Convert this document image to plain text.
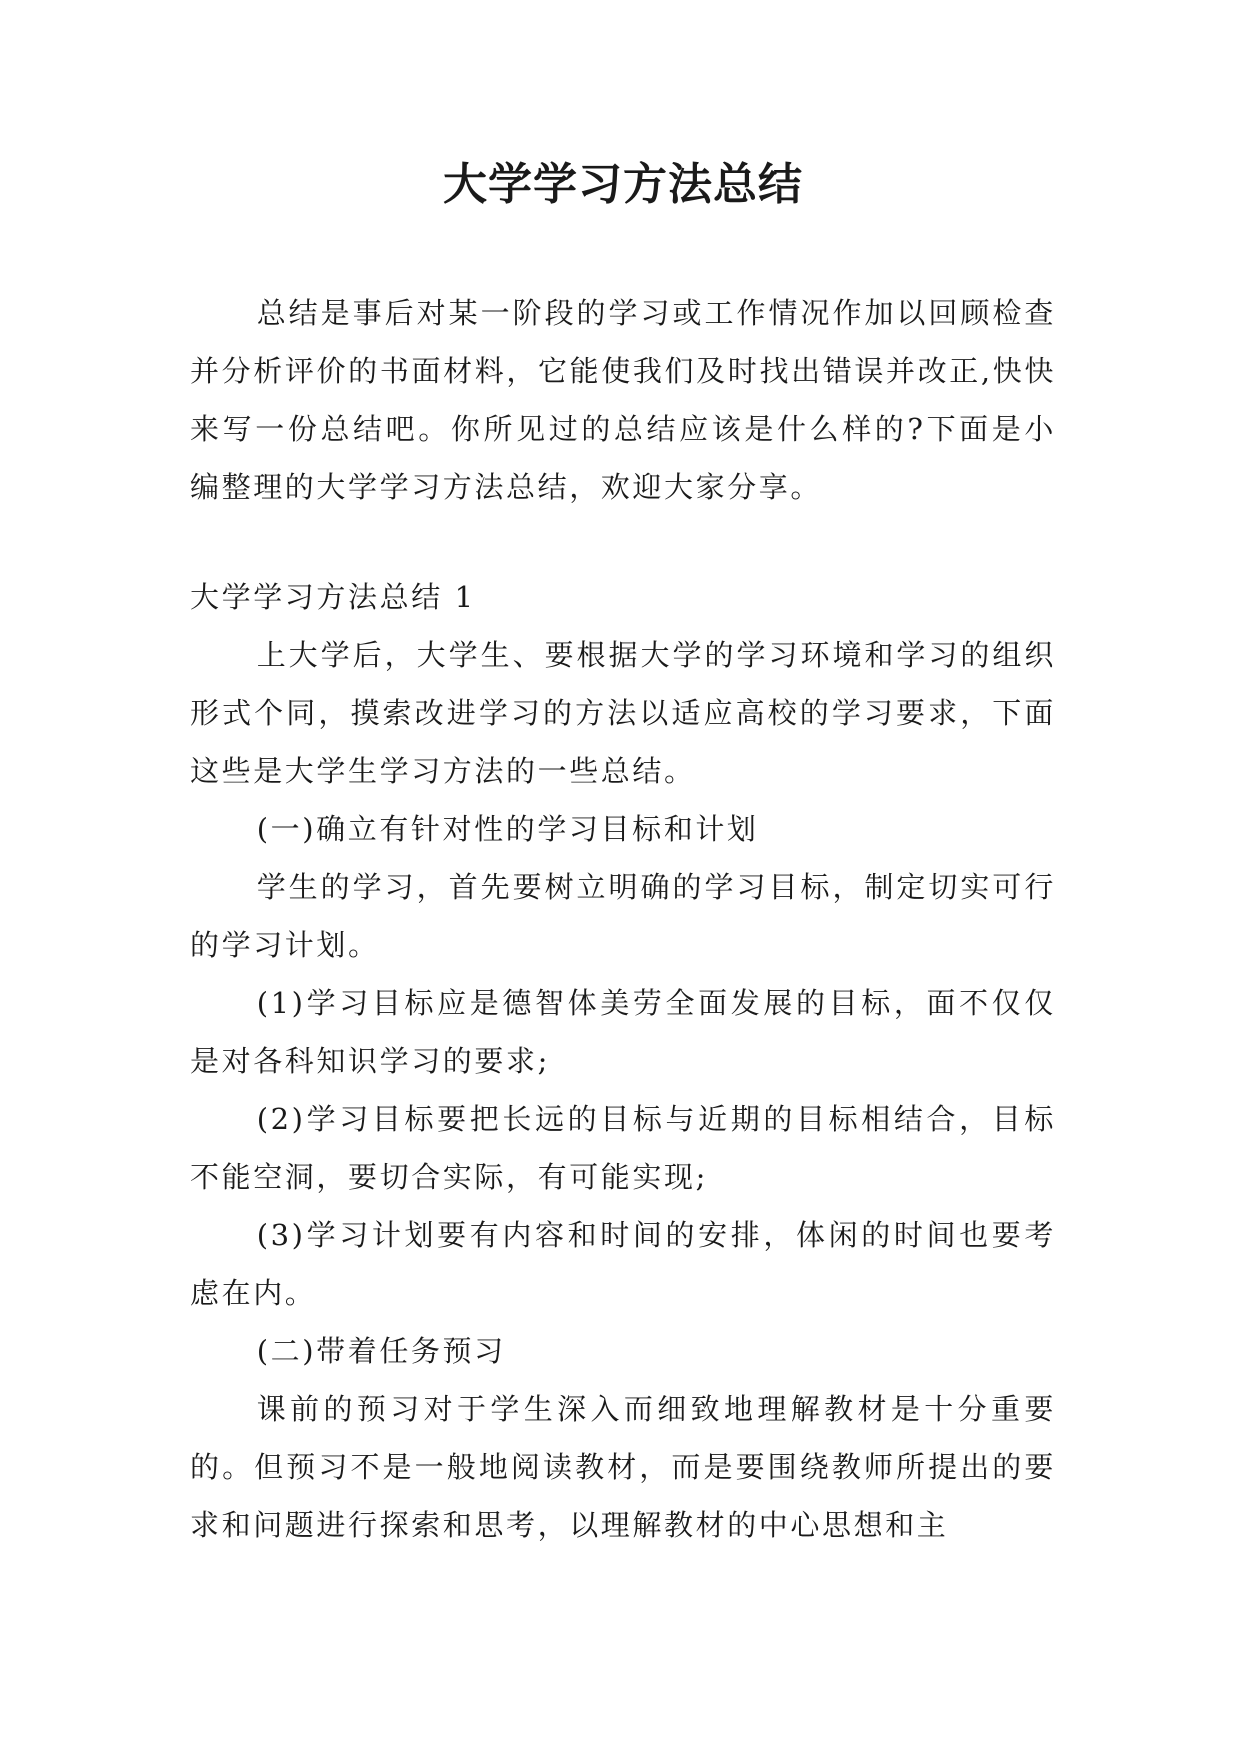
大学学习方法总结

总结是事后对某一阶段的学习或工作情况作加以回顾检查并分析评价的书面材料，它能使我们及时找出错误并改正,快快来写一份总结吧。你所见过的总结应该是什么样的?下面是小编整理的大学学习方法总结，欢迎大家分享。

大学学习方法总结 1

上大学后，大学生、要根据大学的学习环境和学习的组织形式个同，摸索改进学习的方法以适应高校的学习要求，下面这些是大学生学习方法的一些总结。

(一)确立有针对性的学习目标和计划

学生的学习，首先要树立明确的学习目标，制定切实可行的学习计划。

(1)学习目标应是德智体美劳全面发展的目标，面不仅仅是对各科知识学习的要求;

(2)学习目标要把长远的目标与近期的目标相结合，目标不能空洞，要切合实际，有可能实现;

(3)学习计划要有内容和时间的安排，体闲的时间也要考虑在内。

(二)带着任务预习

课前的预习对于学生深入而细致地理解教材是十分重要的。但预习不是一般地阅读教材，而是要围绕教师所提出的要求和问题进行探索和思考，以理解教材的中心思想和主
